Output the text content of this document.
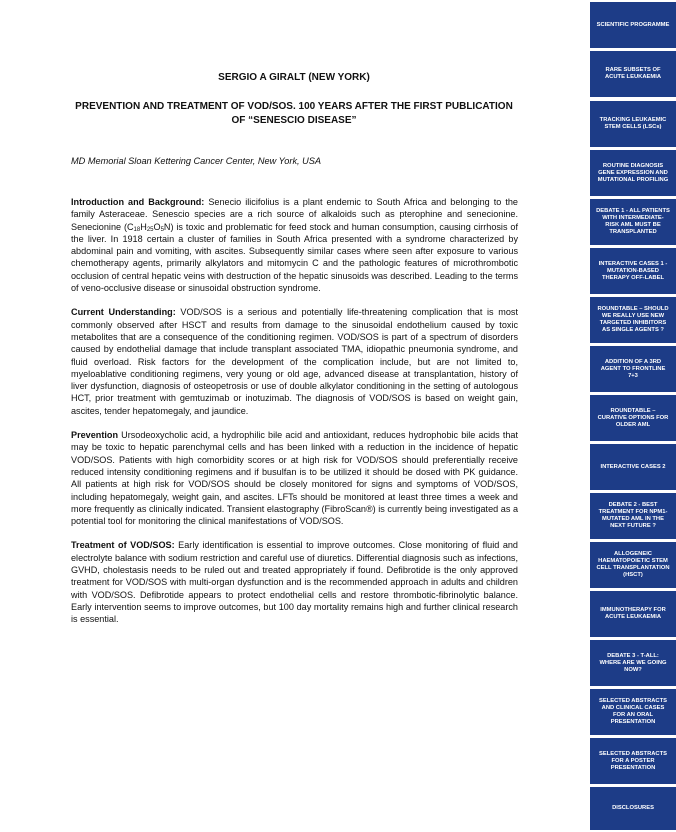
SERGIO A GIRALT (NEW YORK)
PREVENTION AND TREATMENT OF VOD/SOS. 100 YEARS AFTER THE FIRST PUBLICATION OF “SENESCIO DISEASE”
MD Memorial Sloan Kettering Cancer Center, New York, USA

Introduction and Background: Senecio ilicifolius is a plant endemic to South Africa and belonging to the family Asteraceae. Senescio species are a rich source of alkaloids such as pterophine and senecionine. Senecionine $(C_{18}H_{25}O_5N)$ is toxic and problematic for feed stock and human consumption, causing cirrhosis of the liver. In 1918 certain a cluster of families in South Africa presented with a syndrome characterized by abdominal pain and vomiting, with ascites. Subsequently similar cases where seen after exposure to various chemotherapy agents, primarily alkylators and mitomycin C and the pathologic features of microthrombotic occlusion of central hepatic veins with destruction of the hepatic sinusoids was described. Leading to the terms of veno-occlusive disease or sinusoidal obstruction syndrome.

Current Understanding: VOD/SOS is a serious and potentially life-threatening complication that is most commonly observed after HSCT and results from damage to the sinusoidal endothelium caused by toxic metabolites that are a consequence of the conditioning regimen. VOD/SOS is part of a spectrum of disorders caused by endothelial damage that include transplant associated TMA, idiopathic pneumonia syndrome, and fluid overload. Risk factors for the development of the complication include, but are not limited to, myeloablative conditioning regimens, very young or old age, advanced disease at transplantation, history of liver dysfunction, diagnosis of osteopetrosis or use of double alkylator conditioning in the setting of autologous HCT, prior treatment with gemtuzimab or inotuzimab. The diagnosis of VOD/SOS is based on weight gain, ascites, tender hepatomegaly, and jaundice.

Prevention Ursodeoxycholic acid, a hydrophilic bile acid and antioxidant, reduces hydrophobic bile acids that may be toxic to hepatic parenchymal cells and has been linked with a reduction in the incidence of hepatic VOD/SOS. Patients with high comorbidity scores or at high risk for VOD/SOS should preferentially receive reduced intensity conditioning regimens and if busulfan is to be utilized it should be dosed with PK guidance. All patients at high risk for VOD/SOS should be closely monitored for signs and symptoms of VOD/SOS, including hepatomegaly, weight gain, and ascites. LFTs should be monitored at least three times a week and more frequently as clinically indicated. Transient elastography (FibroScan®) is currently being investigated as a potential tool for monitoring the clinical manifestations of VOD/SOS.

Treatment of VOD/SOS: Early identification is essential to improve outcomes. Close monitoring of fluid and electrolyte balance with sodium restriction and careful use of diuretics. Differential diagnosis such as infections, GVHD, cholestasis needs to be ruled out and treated appropriately if found. Defibrotide is the only approved treatment for VOD/SOS with multi-organ dysfunction and is the recommended approach in adults and children with VOD/SOS. Defibrotide appears to protect endothelial cells and restore thrombotic-fibrinolytic balance. Early intervention seems to improve outcomes, but 100 day mortality remains high and further clinical research is essential.

SCIENTIFIC PROGRAMME
RARE SUBSETS OF ACUTE LEUKAEMIA
TRACKING LEUKAEMIC STEM CELLS (LSCs)
ROUTINE DIAGNOSIS GENE EXPRESSION AND MUTATIONAL PROFILING
DEBATE 1 - ALL PATIENTS WITH INTERMEDIATE-RISK AML MUST BE TRANSPLANTED
INTERACTIVE CASES 1 - MUTATION-BASED THERAPY OFF-LABEL
ROUNDTABLE – SHOULD WE REALLY USE NEW TARGETED INHIBITORS AS SINGLE AGENTS ?
ADDITION OF A 3RD AGENT TO FRONTLINE 7+3
ROUNDTABLE – CURATIVE OPTIONS FOR OLDER AML
INTERACTIVE CASES 2
DEBATE 2 - BEST TREATMENT FOR NPM1-MUTATED AML IN THE NEXT FUTURE ?
ALLOGENEIC HAEMATOPOIETIC STEM CELL TRANSPLANTATION (HSCT)
IMMUNOTHERAPY FOR ACUTE LEUKAEMIA
DEBATE 3 - T-ALL: WHERE ARE WE GOING NOW?
SELECTED ABSTRACTS AND CLINICAL CASES FOR AN ORAL PRESENTATION
SELECTED ABSTRACTS FOR A POSTER PRESENTATION
DISCLOSURES
